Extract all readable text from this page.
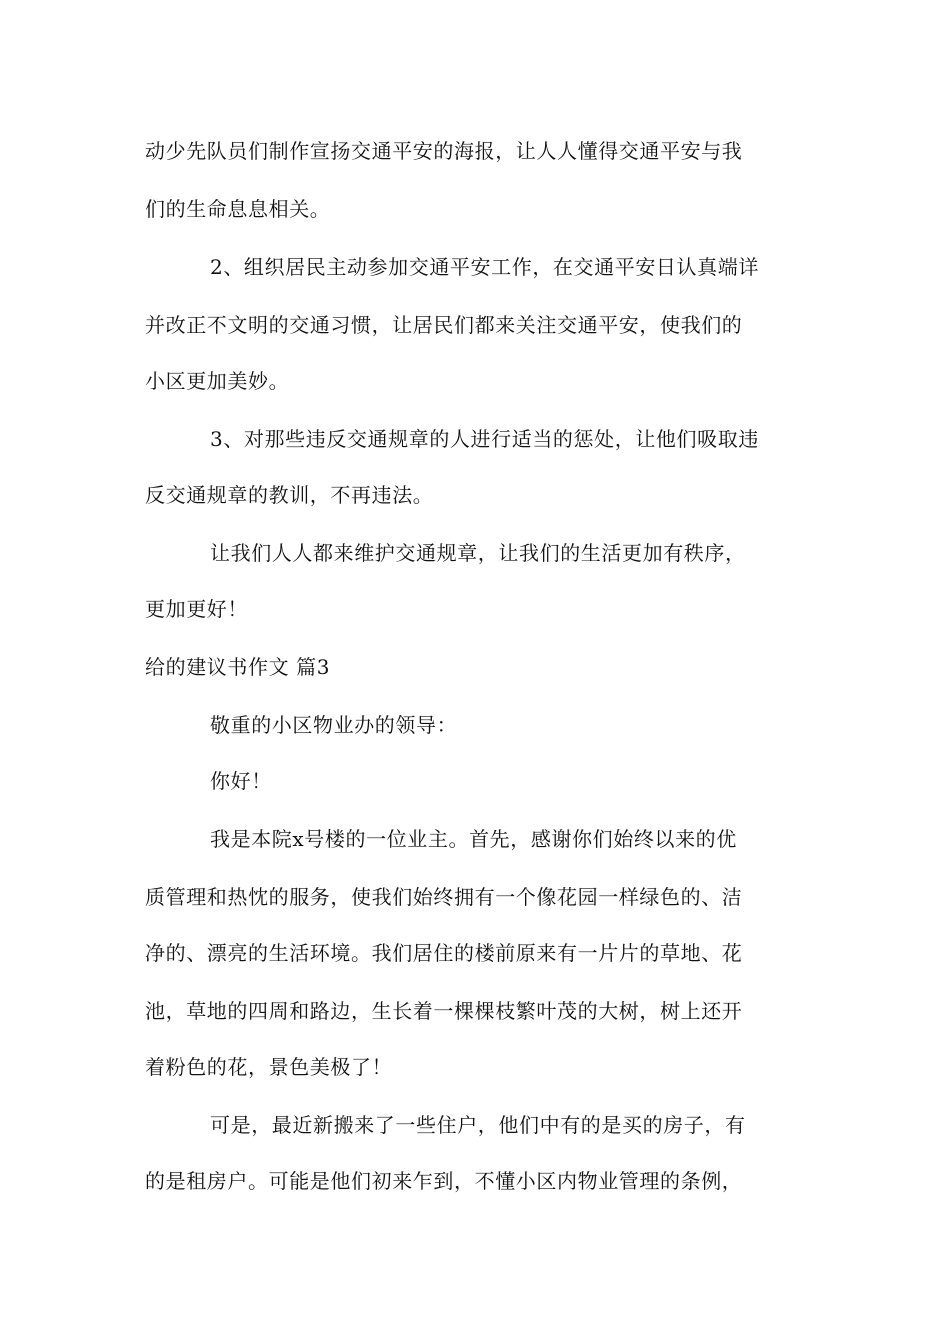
动少先队员们制作宣扬交通平安的海报，让人人懂得交通平安与我
们的生命息息相关。
2、组织居民主动参加交通平安工作，在交通平安日认真端详
并改正不文明的交通习惯，让居民们都来关注交通平安，使我们的
小区更加美妙。
3、对那些违反交通规章的人进行适当的惩处，让他们吸取违
反交通规章的教训，不再违法。
让我们人人都来维护交通规章，让我们的生活更加有秩序，
更加更好！
给的建议书作文 篇3
敬重的小区物业办的领导：
你好！
我是本院x号楼的一位业主。首先，感谢你们始终以来的优
质管理和热忱的服务，使我们始终拥有一个像花园一样绿色的、洁
净的、漂亮的生活环境。我们居住的楼前原来有一片片的草地、花
池，草地的四周和路边，生长着一棵棵枝繁叶茂的大树，树上还开
着粉色的花，景色美极了！
可是，最近新搬来了一些住户，他们中有的是买的房子，有
的是租房户。可能是他们初来乍到，不懂小区内物业管理的条例，
